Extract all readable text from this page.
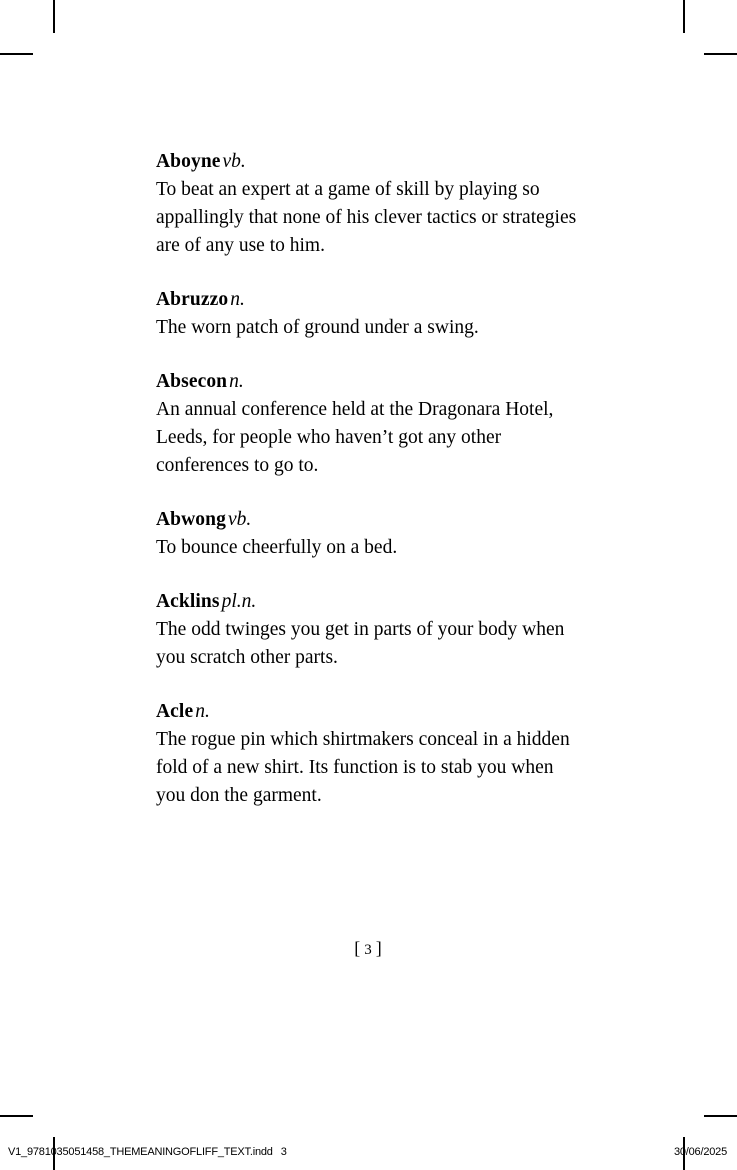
Aboyne vb.

To beat an expert at a game of skill by playing so appallingly that none of his clever tactics or strategies are of any use to him.

Abruzzo n.

The worn patch of ground under a swing.

Absecon n.

An annual conference held at the Dragonara Hotel, Leeds, for people who haven’t got any other conferences to go to.

Abwong vb.

To bounce cheerfully on a bed.

Acklins pl.n.

The odd twinges you get in parts of your body when you scratch other parts.

Acle n.

The rogue pin which shirtmakers conceal in a hidden fold of a new shirt. Its function is to stab you when you don the garment.

[ 3 ]
V1_9781035051458_THEMEANINGOFLIFF_TEXT.indd 3	30/06/2025
